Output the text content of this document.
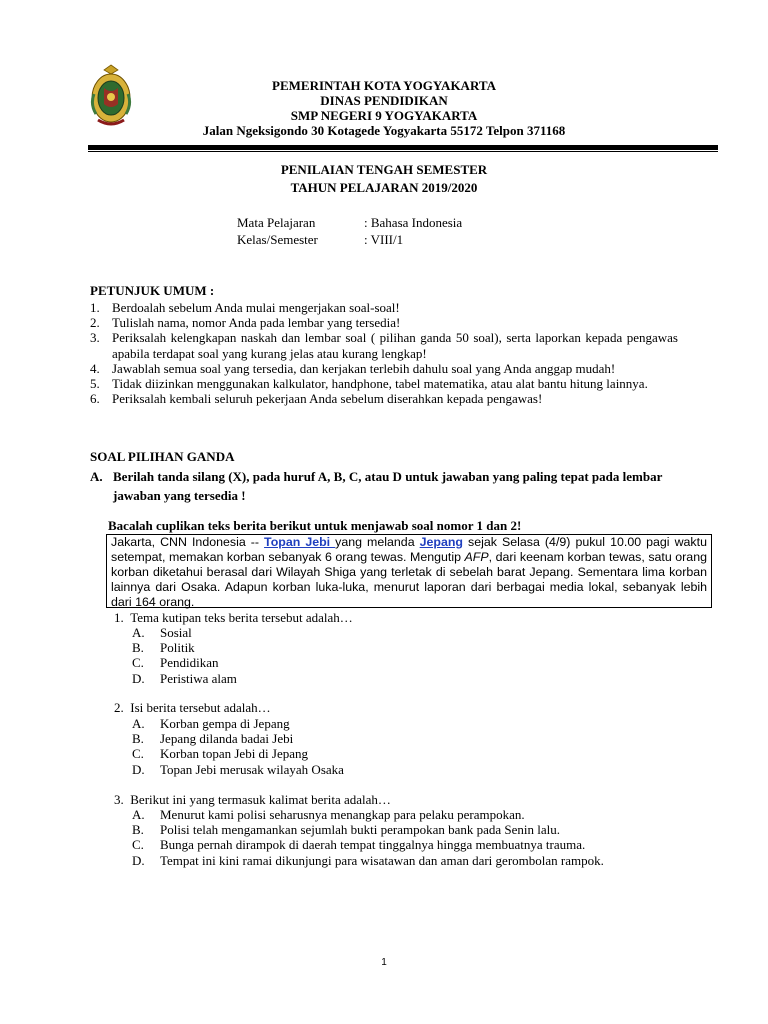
PEMERINTAH KOTA YOGYAKARTA
DINAS PENDIDIKAN
SMP NEGERI 9 YOGYAKARTA
Jalan Ngeksigondo 30 Kotagede Yogyakarta 55172 Telpon 371168
PENILAIAN TENGAH SEMESTER
TAHUN PELAJARAN 2019/2020
Mata Pelajaran	: Bahasa Indonesia
Kelas/Semester	: VIII/1
PETUNJUK UMUM :
1. Berdoalah sebelum Anda mulai mengerjakan soal-soal!
2. Tulislah nama, nomor Anda pada lembar yang tersedia!
3. Periksalah kelengkapan naskah dan lembar soal ( pilihan ganda 50 soal), serta laporkan kepada pengawas apabila terdapat soal yang kurang jelas atau kurang lengkap!
4. Jawablah semua soal yang tersedia, dan kerjakan terlebih dahulu soal yang Anda anggap mudah!
5. Tidak diizinkan menggunakan kalkulator, handphone, tabel matematika, atau alat bantu hitung lainnya.
6. Periksalah kembali seluruh pekerjaan Anda sebelum diserahkan kepada pengawas!
SOAL PILIHAN GANDA
A. Berilah tanda silang (X), pada huruf A, B, C, atau D untuk jawaban yang paling tepat pada lembar jawaban yang tersedia !
Bacalah cuplikan teks berita berikut untuk menjawab soal nomor 1 dan 2!
Jakarta, CNN Indonesia -- Topan Jebi yang melanda Jepang sejak Selasa (4/9) pukul 10.00 pagi waktu setempat, memakan korban sebanyak 6 orang tewas. Mengutip AFP, dari keenam korban tewas, satu orang korban diketahui berasal dari Wilayah Shiga yang terletak di sebelah barat Jepang. Sementara lima korban lainnya dari Osaka. Adapun korban luka-luka, menurut laporan dari berbagai media lokal, sebanyak lebih dari 164 orang.
1. Tema kutipan teks berita tersebut adalah…
A. Sosial
B. Politik
C. Pendidikan
D. Peristiwa alam
2. Isi berita tersebut adalah…
A. Korban gempa di Jepang
B. Jepang dilanda badai Jebi
C. Korban topan Jebi di Jepang
D. Topan Jebi merusak wilayah Osaka
3. Berikut ini yang termasuk kalimat berita adalah…
A. Menurut kami polisi seharusnya menangkap para pelaku perampokan.
B. Polisi telah mengamankan sejumlah bukti perampokan bank pada Senin lalu.
C. Bunga pernah dirampok di daerah tempat tinggalnya hingga membuatnya trauma.
D. Tempat ini kini ramai dikunjungi para wisatawan dan aman dari gerombolan rampok.
1
